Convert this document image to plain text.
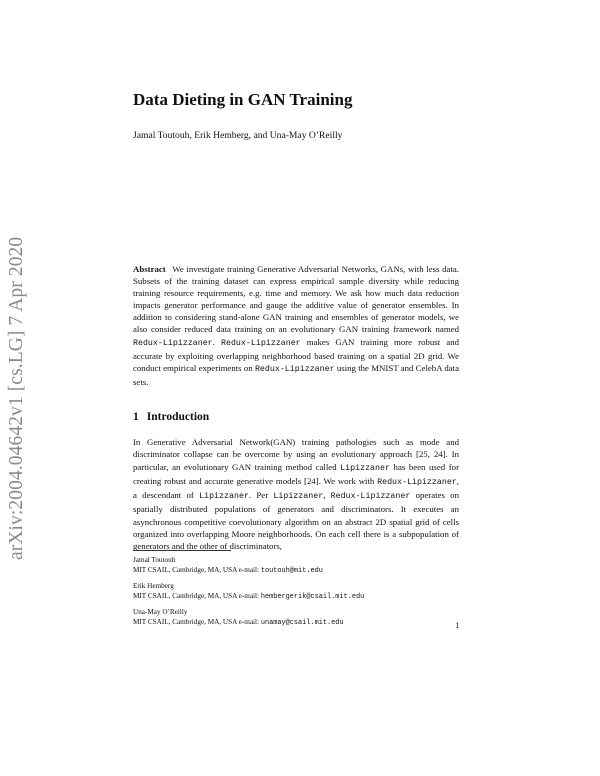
arXiv:2004.04642v1 [cs.LG] 7 Apr 2020
Data Dieting in GAN Training
Jamal Toutouh, Erik Hemberg, and Una-May O’Reilly
Abstract We investigate training Generative Adversarial Networks, GANs, with less data. Subsets of the training dataset can express empirical sample diversity while reducing training resource requirements, e.g. time and memory. We ask how much data reduction impacts generator performance and gauge the additive value of generator ensembles. In addition to considering stand-alone GAN training and ensembles of generator models, we also consider reduced data training on an evolutionary GAN training framework named Redux-Lipizzaner. Redux-Lipizzaner makes GAN training more robust and accurate by exploiting overlapping neighborhood based training on a spatial 2D grid. We conduct empirical experiments on Redux-Lipizzaner using the MNIST and CelebA data sets.
1 Introduction

In Generative Adversarial Network(GAN) training pathologies such as mode and discriminator collapse can be overcome by using an evolutionary approach [25, 24]. In particular, an evolutionary GAN training method called Lipizzaner has been used for creating robust and accurate generative models [24]. We work with Redux-Lipizzaner, a descendant of Lipizzaner. Per Lipizzaner, Redux-Lipizzaner operates on spatially distributed populations of generators and discriminators. It executes an asynchronous competitive coevolutionary algorithm on an abstract 2D spatial grid of cells organized into overlapping Moore neighborhoods. On each cell there is a subpopulation of generators and the other of discriminators,

Jamal Toutouh
MIT CSAIL, Cambridge, MA, USA e-mail: toutouh@mit.edu
Erik Hemberg
MIT CSAIL, Cambridge, MA, USA e-mail: hembergerik@csail.mit.edu
Una-May O’Reilly
MIT CSAIL, Cambridge, MA, USA e-mail: unamay@csail.mit.edu	1
